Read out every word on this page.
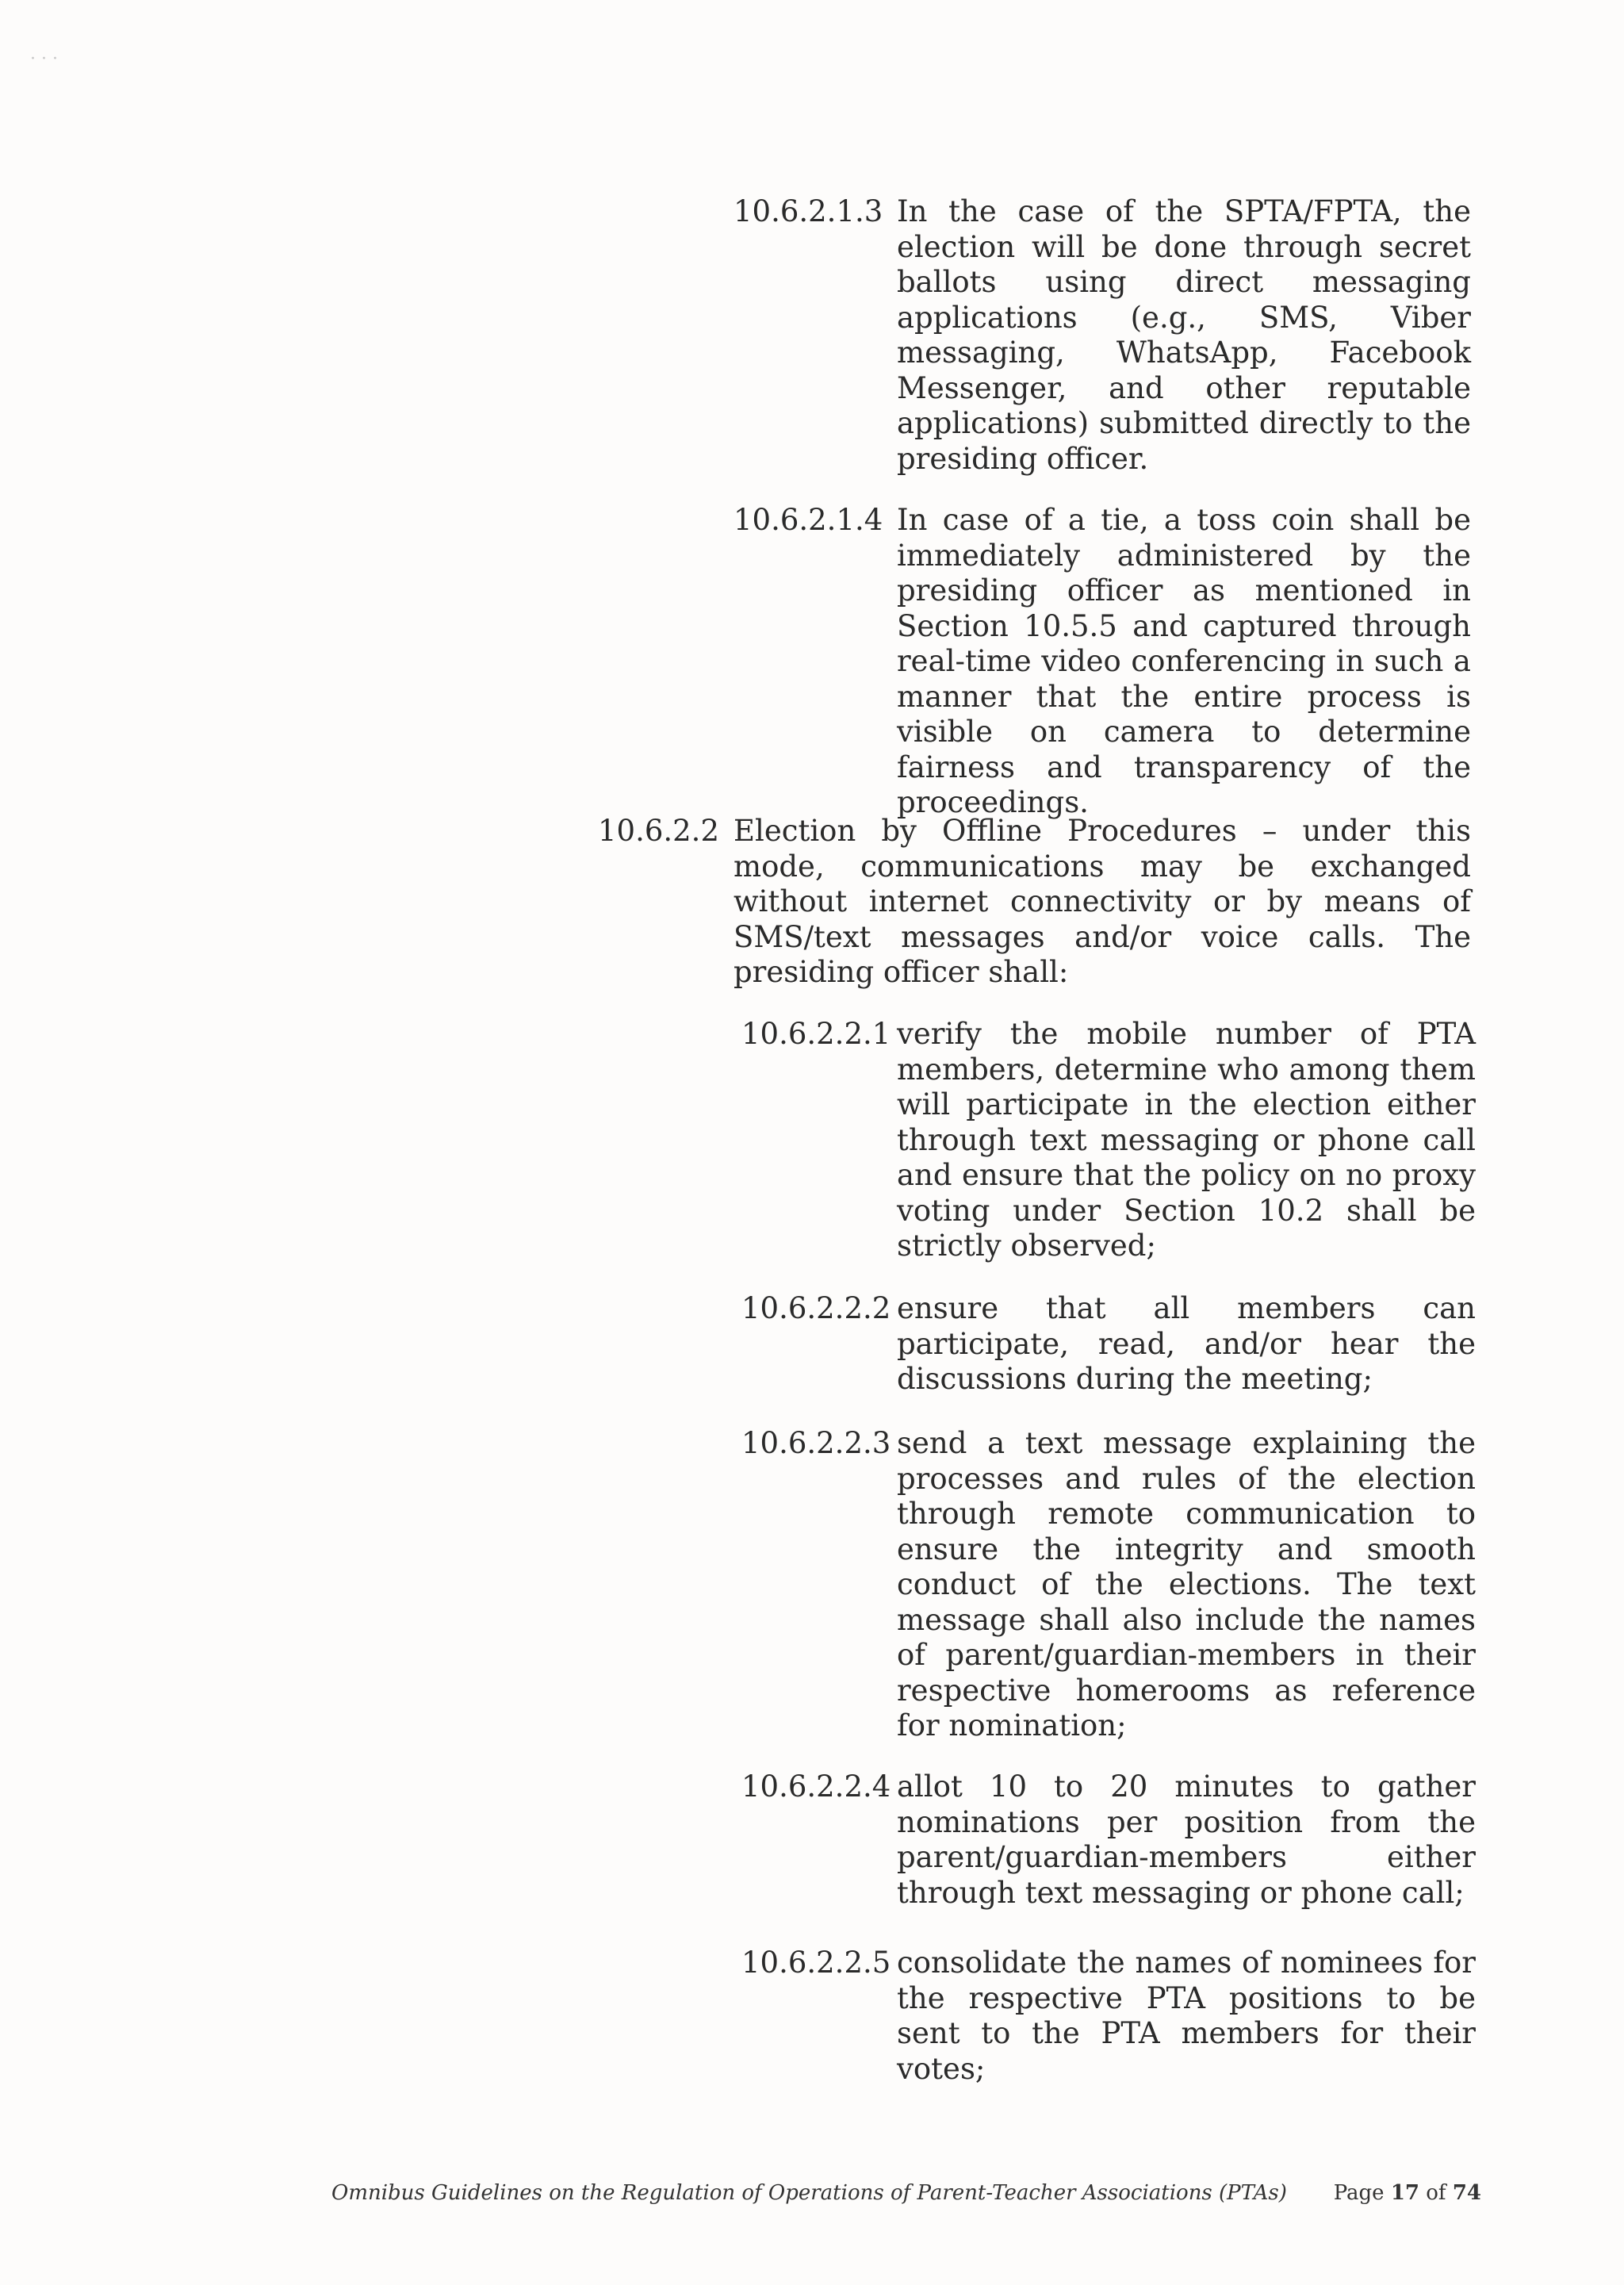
· · ·
10.6.2.1.3 In the case of the SPTA/FPTA, the election will be done through secret ballots using direct messaging applications (e.g., SMS, Viber messaging, WhatsApp, Facebook Messenger, and other reputable applications) submitted directly to the presiding officer.

10.6.2.1.4 In case of a tie, a toss coin shall be immediately administered by the presiding officer as mentioned in Section 10.5.5 and captured through real-time video conferencing in such a manner that the entire process is visible on camera to determine fairness and transparency of the proceedings.

10.6.2.2 Election by Offline Procedures – under this mode, communications may be exchanged without internet connectivity or by means of SMS/text messages and/or voice calls. The presiding officer shall:

10.6.2.2.1 verify the mobile number of PTA members, determine who among them will participate in the election either through text messaging or phone call and ensure that the policy on no proxy voting under Section 10.2 shall be strictly observed;

10.6.2.2.2 ensure that all members can participate, read, and/or hear the discussions during the meeting;

10.6.2.2.3 send a text message explaining the processes and rules of the election through remote communication to ensure the integrity and smooth conduct of the elections. The text message shall also include the names of parent/guardian-members in their respective homerooms as reference for nomination;

10.6.2.2.4 allot 10 to 20 minutes to gather nominations per position from the parent/guardian-members either through text messaging or phone call;

10.6.2.2.5 consolidate the names of nominees for the respective PTA positions to be sent to the PTA members for their votes;

Omnibus Guidelines on the Regulation of Operations of Parent-Teacher Associations (PTAs) Page 17 of 74
